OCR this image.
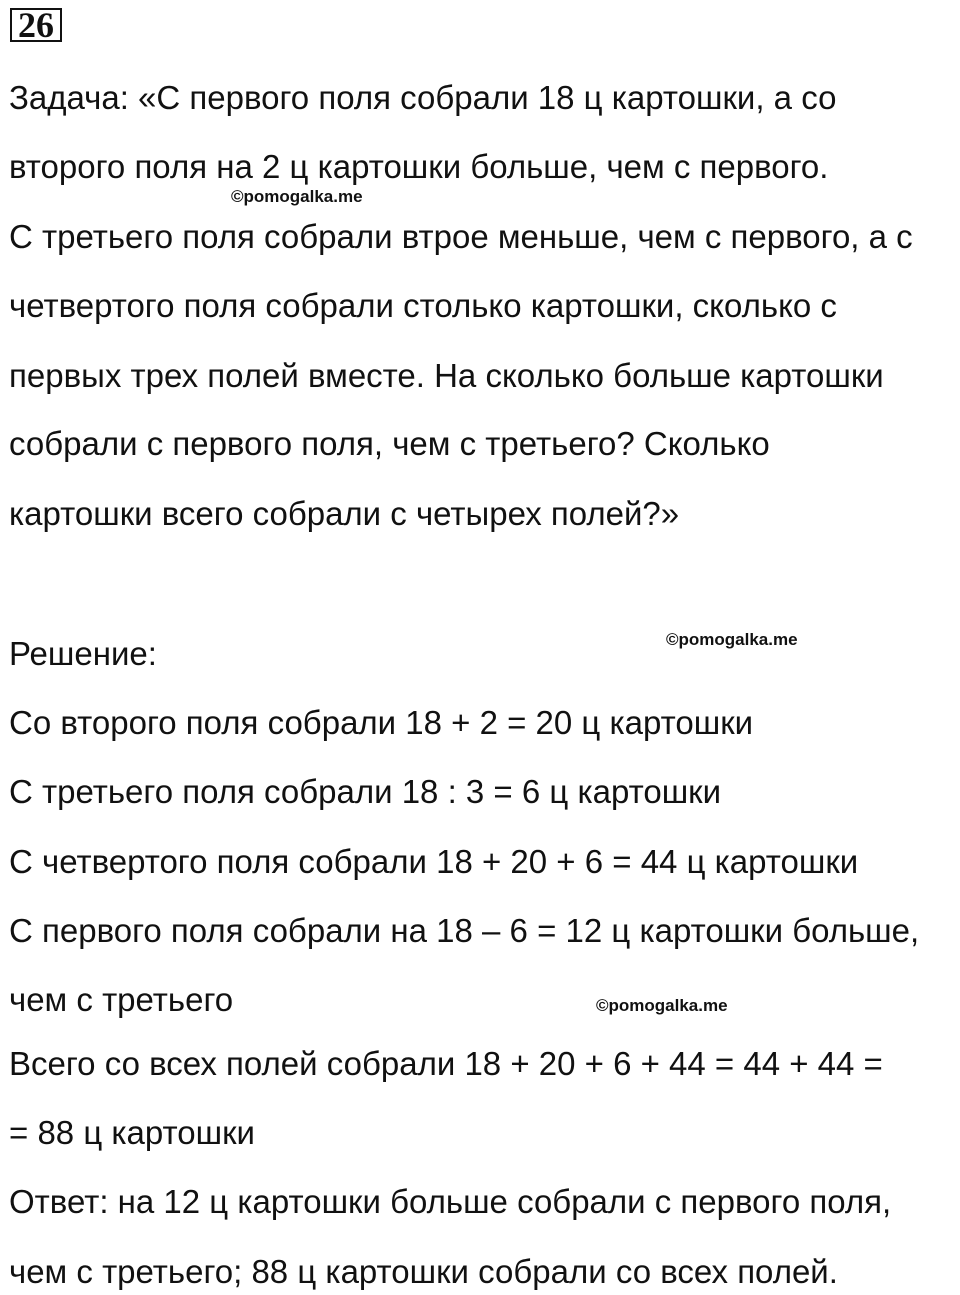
26
Задача: «С первого поля собрали 18 ц картошки, а со
второго поля на 2 ц картошки больше, чем с первого.
С третьего поля собрали втрое меньше, чем с первого, а с
четвертого поля собрали столько картошки, сколько с
первых трех полей вместе. На сколько больше картошки
собрали с первого поля, чем с третьего? Сколько
картошки всего собрали с четырех полей?»
Решение:
Со второго поля собрали 18 + 2 = 20 ц картошки
С третьего поля собрали 18 : 3 = 6 ц картошки
С четвертого поля собрали 18 + 20 + 6 = 44 ц картошки
С первого поля собрали на 18 – 6 = 12 ц картошки больше,
чем с третьего
Всего со всех полей собрали 18 + 20 + 6 + 44 = 44 + 44 =
= 88 ц картошки
Ответ: на 12 ц картошки больше собрали с первого поля,
чем с третьего; 88 ц картошки собрали со всех полей.
©pomogalka.me
©pomogalka.me
©pomogalka.me
